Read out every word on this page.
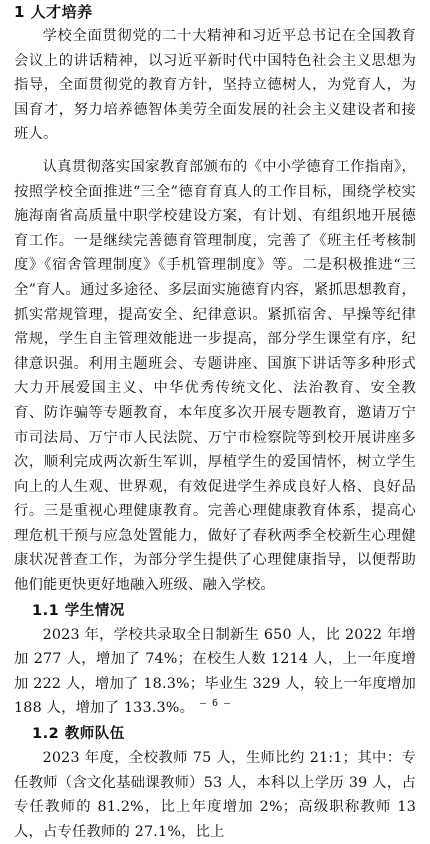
1 人才培养

学校全面贯彻党的二十大精神和习近平总书记在全国教育会议上的讲话精神，以习近平新时代中国特色社会主义思想为指导，全面贯彻党的教育方针，坚持立德树人，为党育人，为国育才，努力培养德智体美劳全面发展的社会主义建设者和接班人。

认真贯彻落实国家教育部颁布的《中小学德育工作指南》，按照学校全面推进“三全”德育育真人的工作目标，围绕学校实施海南省高质量中职学校建设方案，有计划、有组织地开展德育工作。一是继续完善德育管理制度，完善了《班主任考核制度》《宿舍管理制度》《手机管理制度》等。二是积极推进“三全”育人。通过多途径、多层面实施德育内容，紧抓思想教育，抓实常规管理，提高安全、纪律意识。紧抓宿舍、早操等纪律常规，学生自主管理效能进一步提高，部分学生课堂有序，纪律意识强。利用主题班会、专题讲座、国旗下讲话等多种形式大力开展爱国主义、中华优秀传统文化、法治教育、安全教育、防诈骗等专题教育，本年度多次开展专题教育，邀请万宁市司法局、万宁市人民法院、万宁市检察院等到校开展讲座多次，顺利完成两次新生军训，厚植学生的爱国情怀，树立学生向上的人生观、世界观，有效促进学生养成良好人格、良好品行。三是重视心理健康教育。完善心理健康教育体系，提高心理危机干预与应急处置能力，做好了春秋两季全校新生心理健康状况普查工作，为部分学生提供了心理健康指导，以便帮助他们能更快更好地融入班级、融入学校。

1.1 学生情况

2023 年，学校共录取全日制新生 650 人，比 2022 年增加 277 人，增加了 74%；在校生人数 1214 人，上一年度增加 222 人，增加了 18.3%；毕业生 329 人，较上一年度增加 188 人，增加了 133.3%。

1.2 教师队伍

2023 年度，全校教师 75 人，生师比约 21:1；其中：专任教师（含文化基础课教师）53 人，本科以上学历 39 人，占专任教师的 81.2%，比上年度增加 2%；高级职称教师 13 人，占专任教师的 27.1%，比上

— 6 —
